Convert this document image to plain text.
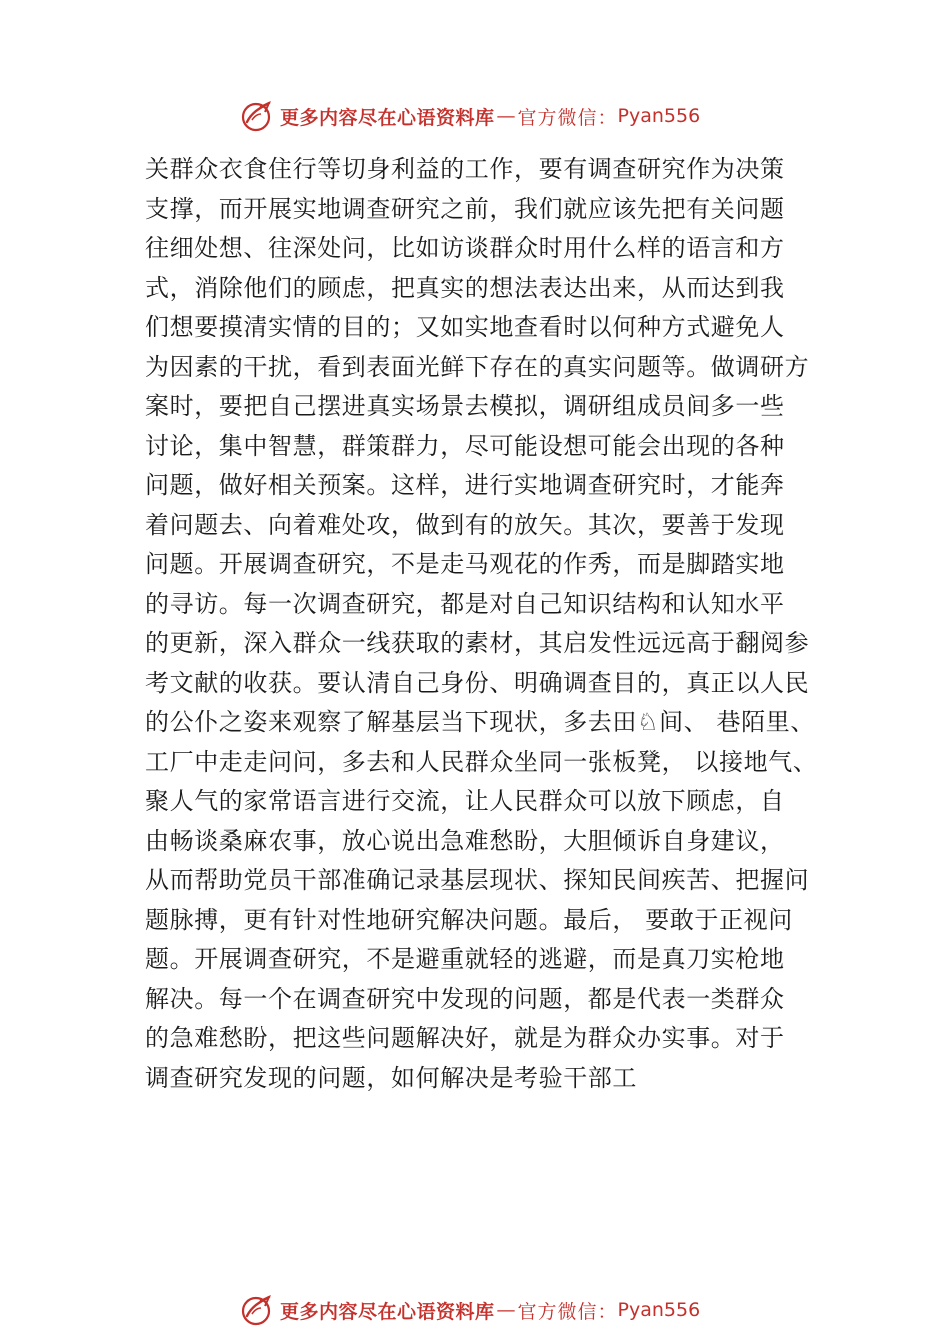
更多内容尽在心语资料库 — 官方微信： Pyan556
关群众衣食住行等切身利益的工作，要有调查研究作为决策
支撑，而开展实地调查研究之前，我们就应该先把有关问题
往细处想、往深处问，比如访谈群众时用什么样的语言和方
式，消除他们的顾虑，把真实的想法表达出来，从而达到我
们想要摸清实情的目的；又如实地查看时以何种方式避免人
为因素的干扰，看到表面光鲜下存在的真实问题等。做调研方
案时，要把自己摆进真实场景去模拟，调研组成员间多一些
讨论，集中智慧，群策群力，尽可能设想可能会出现的各种
问题，做好相关预案。这样，进行实地调查研究时，才能奔
着问题去、向着难处攻，做到有的放矢。其次，要善于发现
问题。开展调查研究，不是走马观花的作秀，而是脚踏实地
的寻访。每一次调查研究，都是对自己知识结构和认知水平
的更新，深入群众一线获取的素材，其启发性远远高于翻阅参
考文献的收获。要认清自己身份、明确调查目的，真正以人民
的公仆之姿来观察了解基层当下现状，多去田♘间、 巷陌里、
工厂中走走问问，多去和人民群众坐同一张板凳， 以接地气、
聚人气的家常语言进行交流，让人民群众可以放下顾虑，自
由畅谈桑麻农事，放心说出急难愁盼，大胆倾诉自身建议，
从而帮助党员干部准确记录基层现状、探知民间疾苦、把握问
题脉搏，更有针对性地研究解决问题。最后， 要敢于正视问
题。开展调查研究，不是避重就轻的逃避，而是真刀实枪地
解决。每一个在调查研究中发现的问题，都是代表一类群众
的急难愁盼，把这些问题解决好，就是为群众办实事。对于
调查研究发现的问题，如何解决是考验干部工
更多内容尽在心语资料库 — 官方微信： Pyan556
